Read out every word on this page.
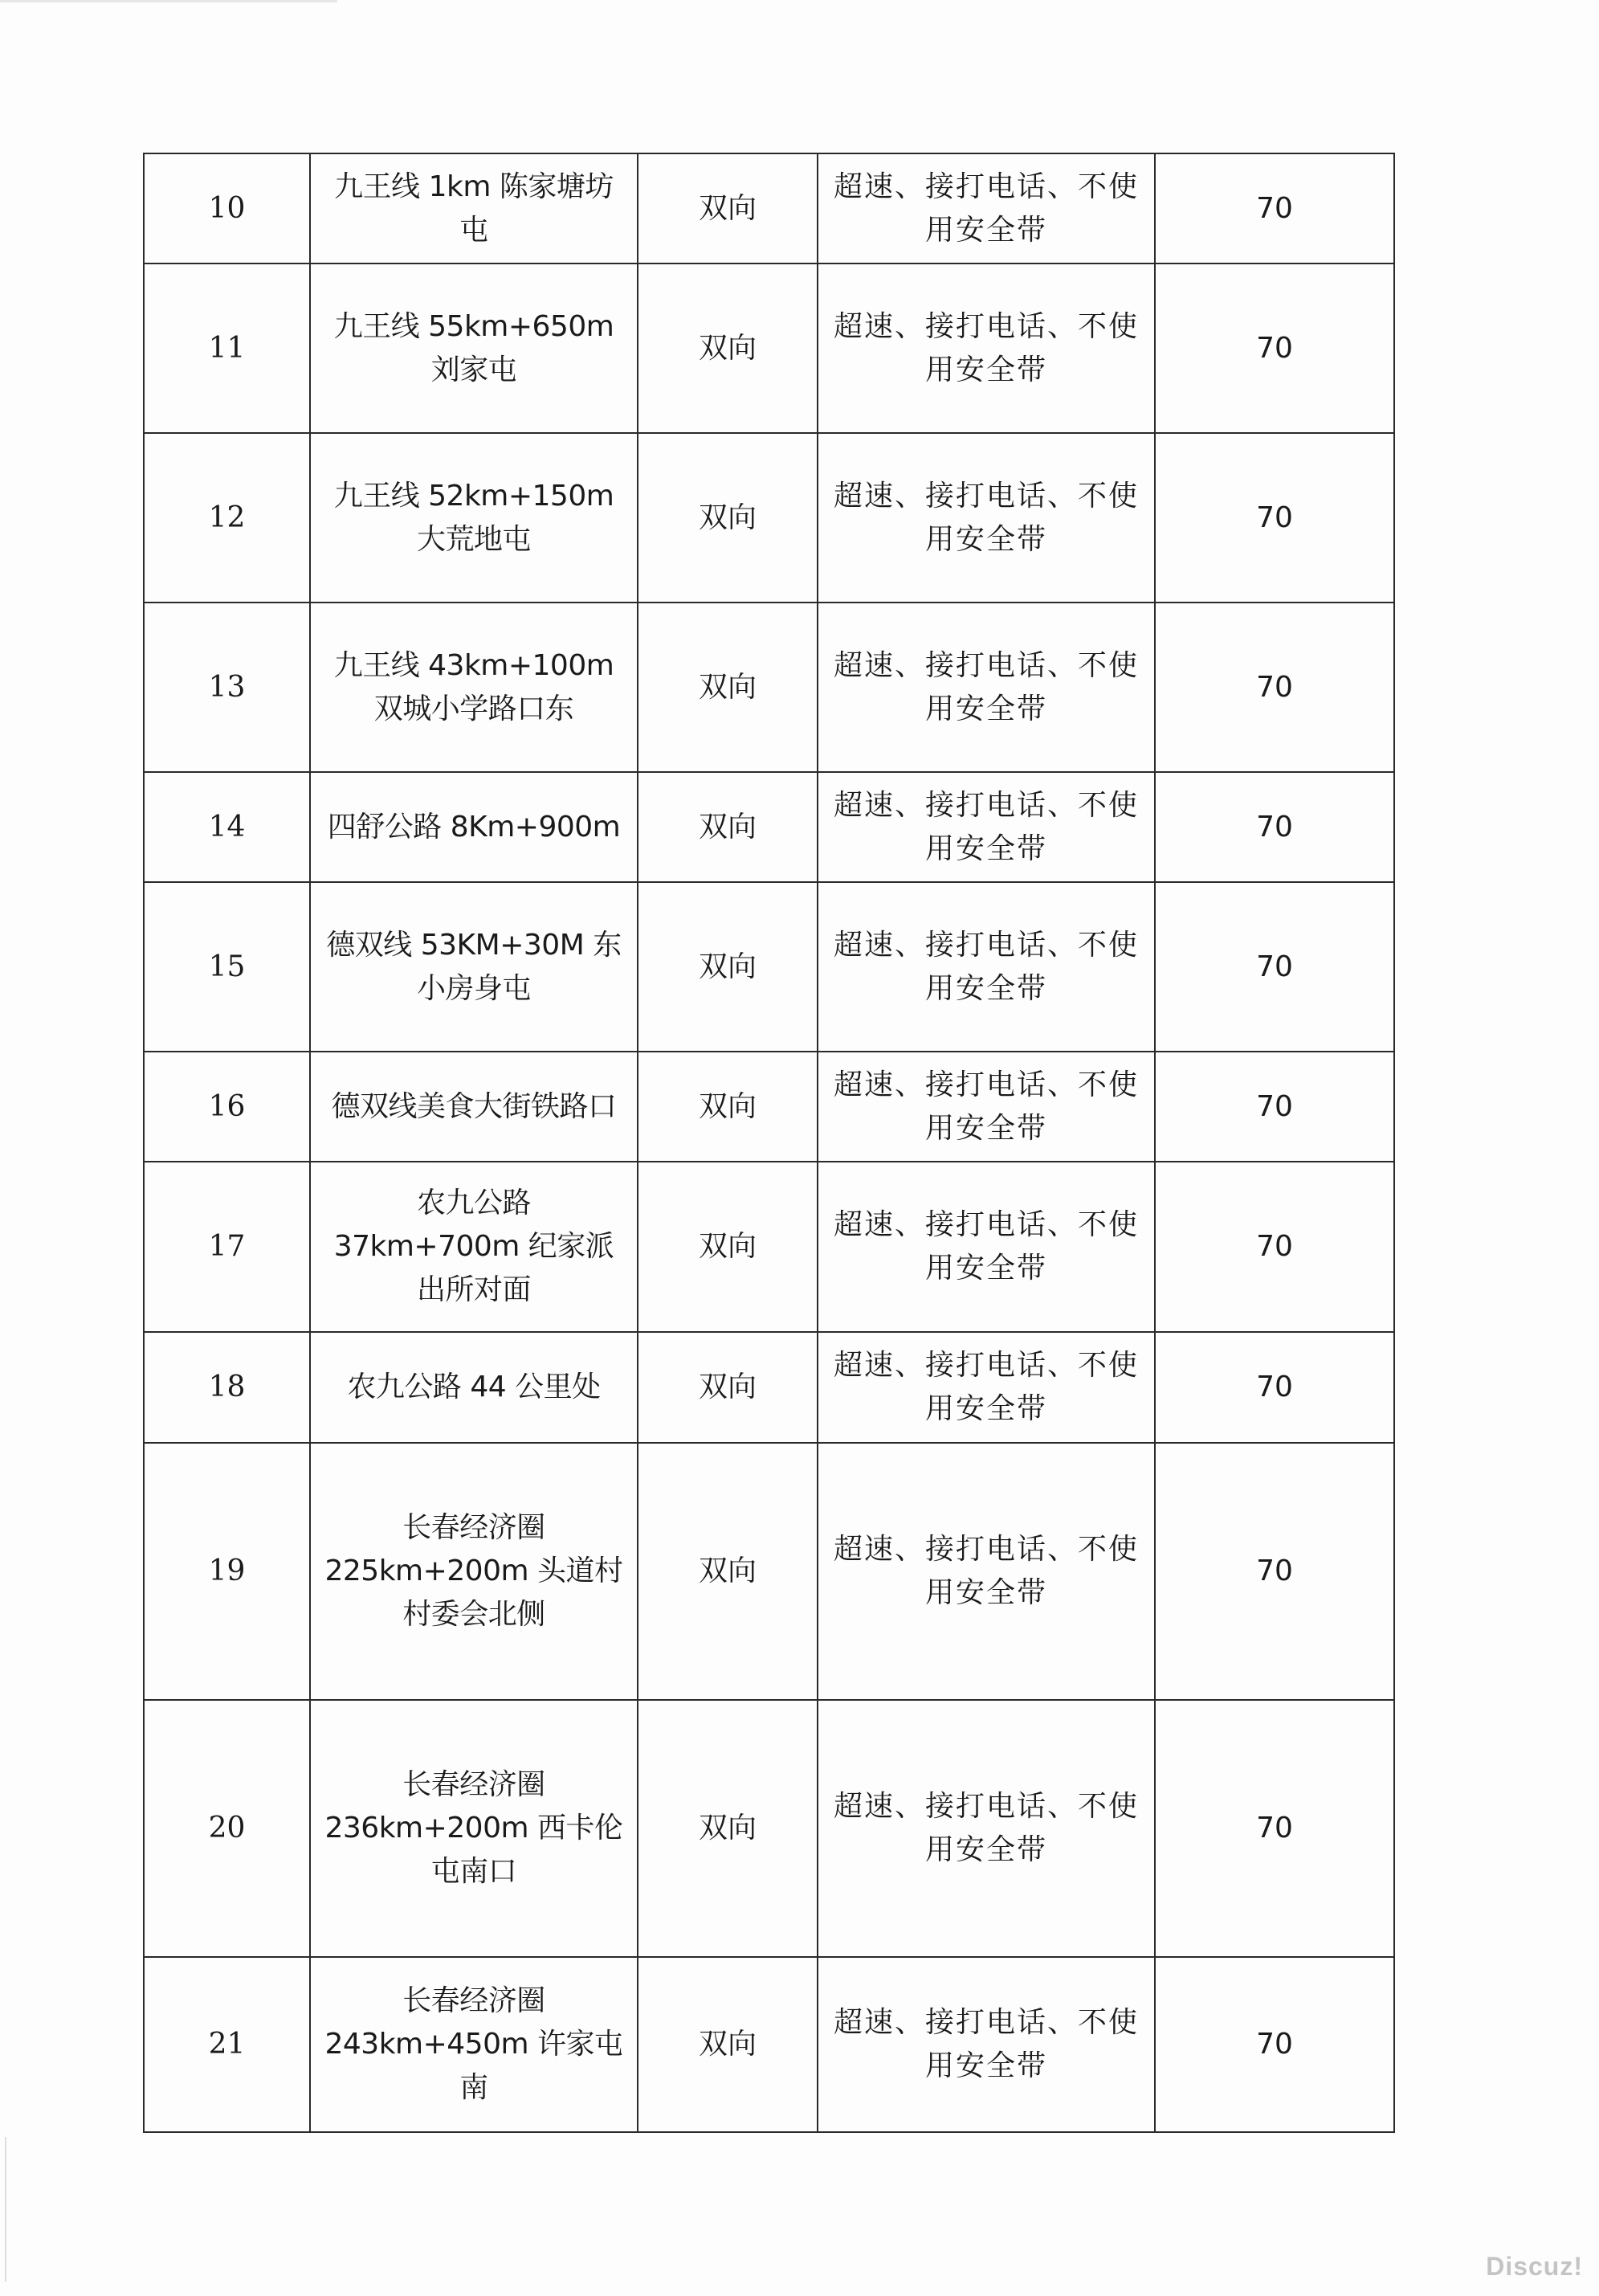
10	九王线 1km 陈家塘坊屯	双向	超速、接打电话、不使用安全带	70
11	九王线 55km+650m 刘家屯	双向	超速、接打电话、不使用安全带	70
12	九王线 52km+150m 大荒地屯	双向	超速、接打电话、不使用安全带	70
13	九王线 43km+100m 双城小学路口东	双向	超速、接打电话、不使用安全带	70
14	四舒公路 8Km+900m	双向	超速、接打电话、不使用安全带	70
15	德双线 53KM+30M 东小房身屯	双向	超速、接打电话、不使用安全带	70
16	德双线美食大街铁路口	双向	超速、接打电话、不使用安全带	70
17	农九公路 37km+700m 纪家派出所对面	双向	超速、接打电话、不使用安全带	70
18	农九公路 44 公里处	双向	超速、接打电话、不使用安全带	70
19	长春经济圈 225km+200m 头道村村委会北侧	双向	超速、接打电话、不使用安全带	70
20	长春经济圈 236km+200m 西卡伦屯南口	双向	超速、接打电话、不使用安全带	70
21	长春经济圈 243km+450m 许家屯南	双向	超速、接打电话、不使用安全带	70
Discuz!
